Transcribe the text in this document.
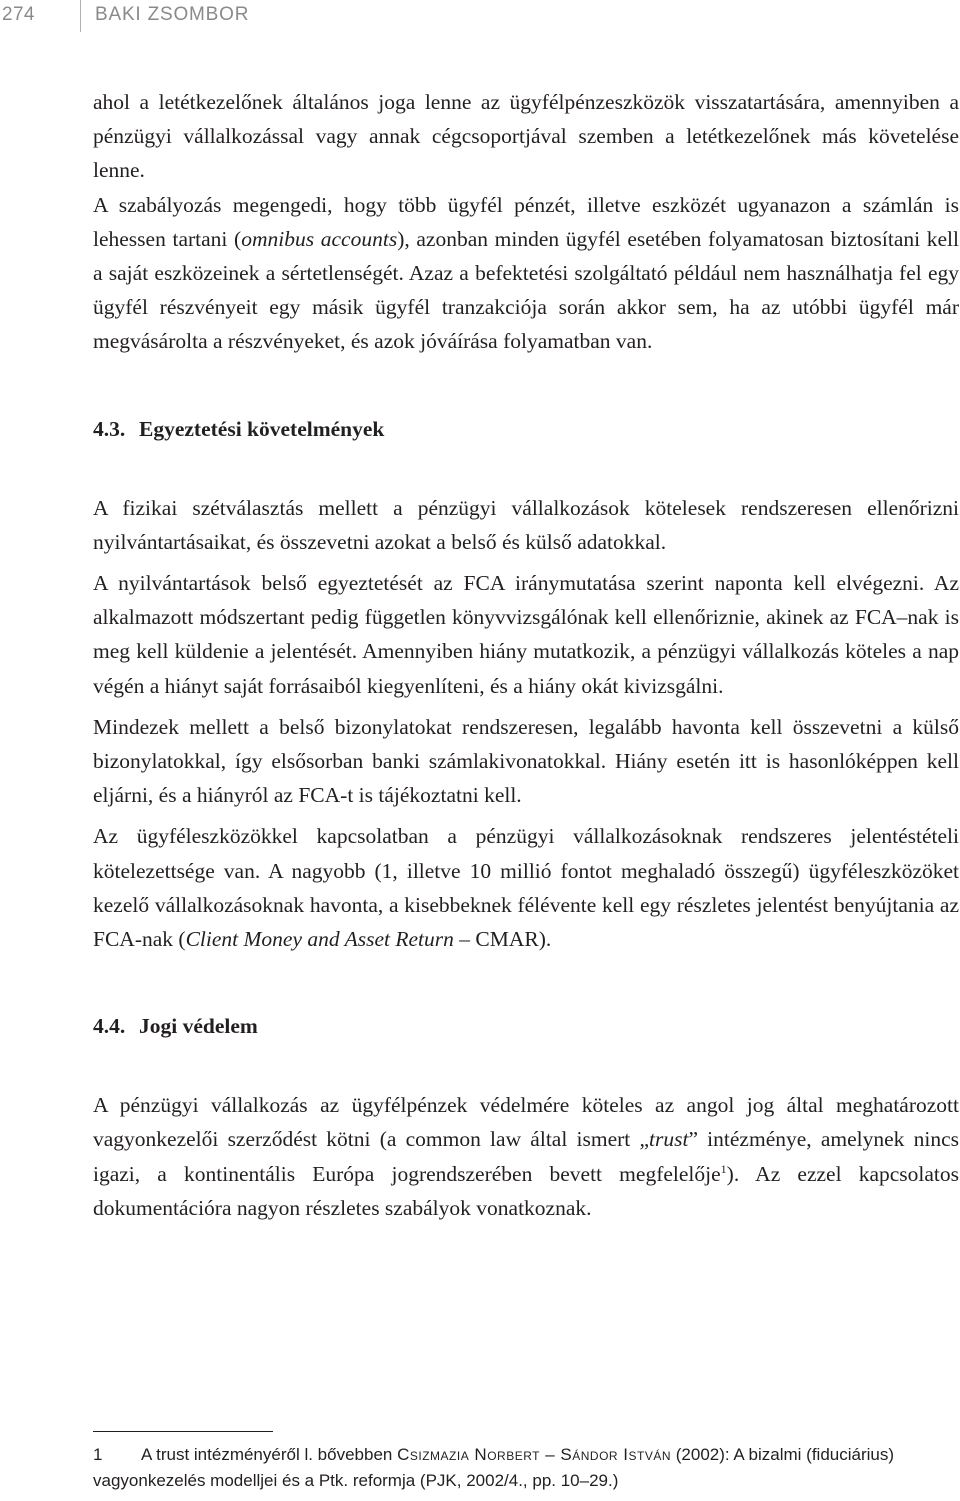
274	BAKI ZSOMBOR

ahol a letétkezelőnek általános joga lenne az ügyfélpénzeszközök visszatartására, amennyiben a pénzügyi vállalkozással vagy annak cégcsoportjával szemben a letétkezelőnek más követelése lenne.

A szabályozás megengedi, hogy több ügyfél pénzét, illetve eszközét ugyanazon a számlán is lehessen tartani (omnibus accounts), azonban minden ügyfél esetében folyamatosan biztosítani kell a saját eszközeinek a sértetlenségét. Azaz a befektetési szolgáltató például nem használhatja fel egy ügyfél részvényeit egy másik ügyfél tranzakciója során akkor sem, ha az utóbbi ügyfél már megvásárolta a részvényeket, és azok jóváírása folyamatban van.

4.3. Egyeztetési követelmények

A fizikai szétválasztás mellett a pénzügyi vállalkozások kötelesek rendszeresen ellenőrizni nyilvántartásaikat, és összevetni azokat a belső és külső adatokkal.

A nyilvántartások belső egyeztetését az FCA iránymutatása szerint naponta kell elvégezni. Az alkalmazott módszertant pedig független könyvvizsgálónak kell ellenőriznie, akinek az FCA–nak is meg kell küldenie a jelentését. Amennyiben hiány mutatkozik, a pénzügyi vállalkozás köteles a nap végén a hiányt saját forrásaiból kiegyenlíteni, és a hiány okát kivizsgálni.

Mindezek mellett a belső bizonylatokat rendszeresen, legalább havonta kell összevetni a külső bizonylatokkal, így elsősorban banki számlakivonatokkal. Hiány esetén itt is hasonlóképpen kell eljárni, és a hiányról az FCA-t is tájékoztatni kell.

Az ügyféleszközökkel kapcsolatban a pénzügyi vállalkozásoknak rendszeres jelentéstételi kötelezettsége van. A nagyobb (1, illetve 10 millió fontot meghaladó összegű) ügyféleszközöket kezelő vállalkozásoknak havonta, a kisebbeknek félévente kell egy részletes jelentést benyújtania az FCA-nak (Client Money and Asset Return – CMAR).

4.4. Jogi védelem

A pénzügyi vállalkozás az ügyfélpénzek védelmére köteles az angol jog által meghatározott vagyonkezelői szerződést kötni (a common law által ismert „trust” intézménye, amelynek nincs igazi, a kontinentális Európa jogrendszerében bevett megfelelője$^1$). Az ezzel kapcsolatos dokumentációra nagyon részletes szabályok vonatkoznak.

1 A trust intézményéről l. bővebben Csizmazia Norbert – Sándor István (2002): A bizalmi (fiduciárius) vagyonkezelés modelljei és a Ptk. reformja (PJK, 2002/4., pp. 10–29.)
